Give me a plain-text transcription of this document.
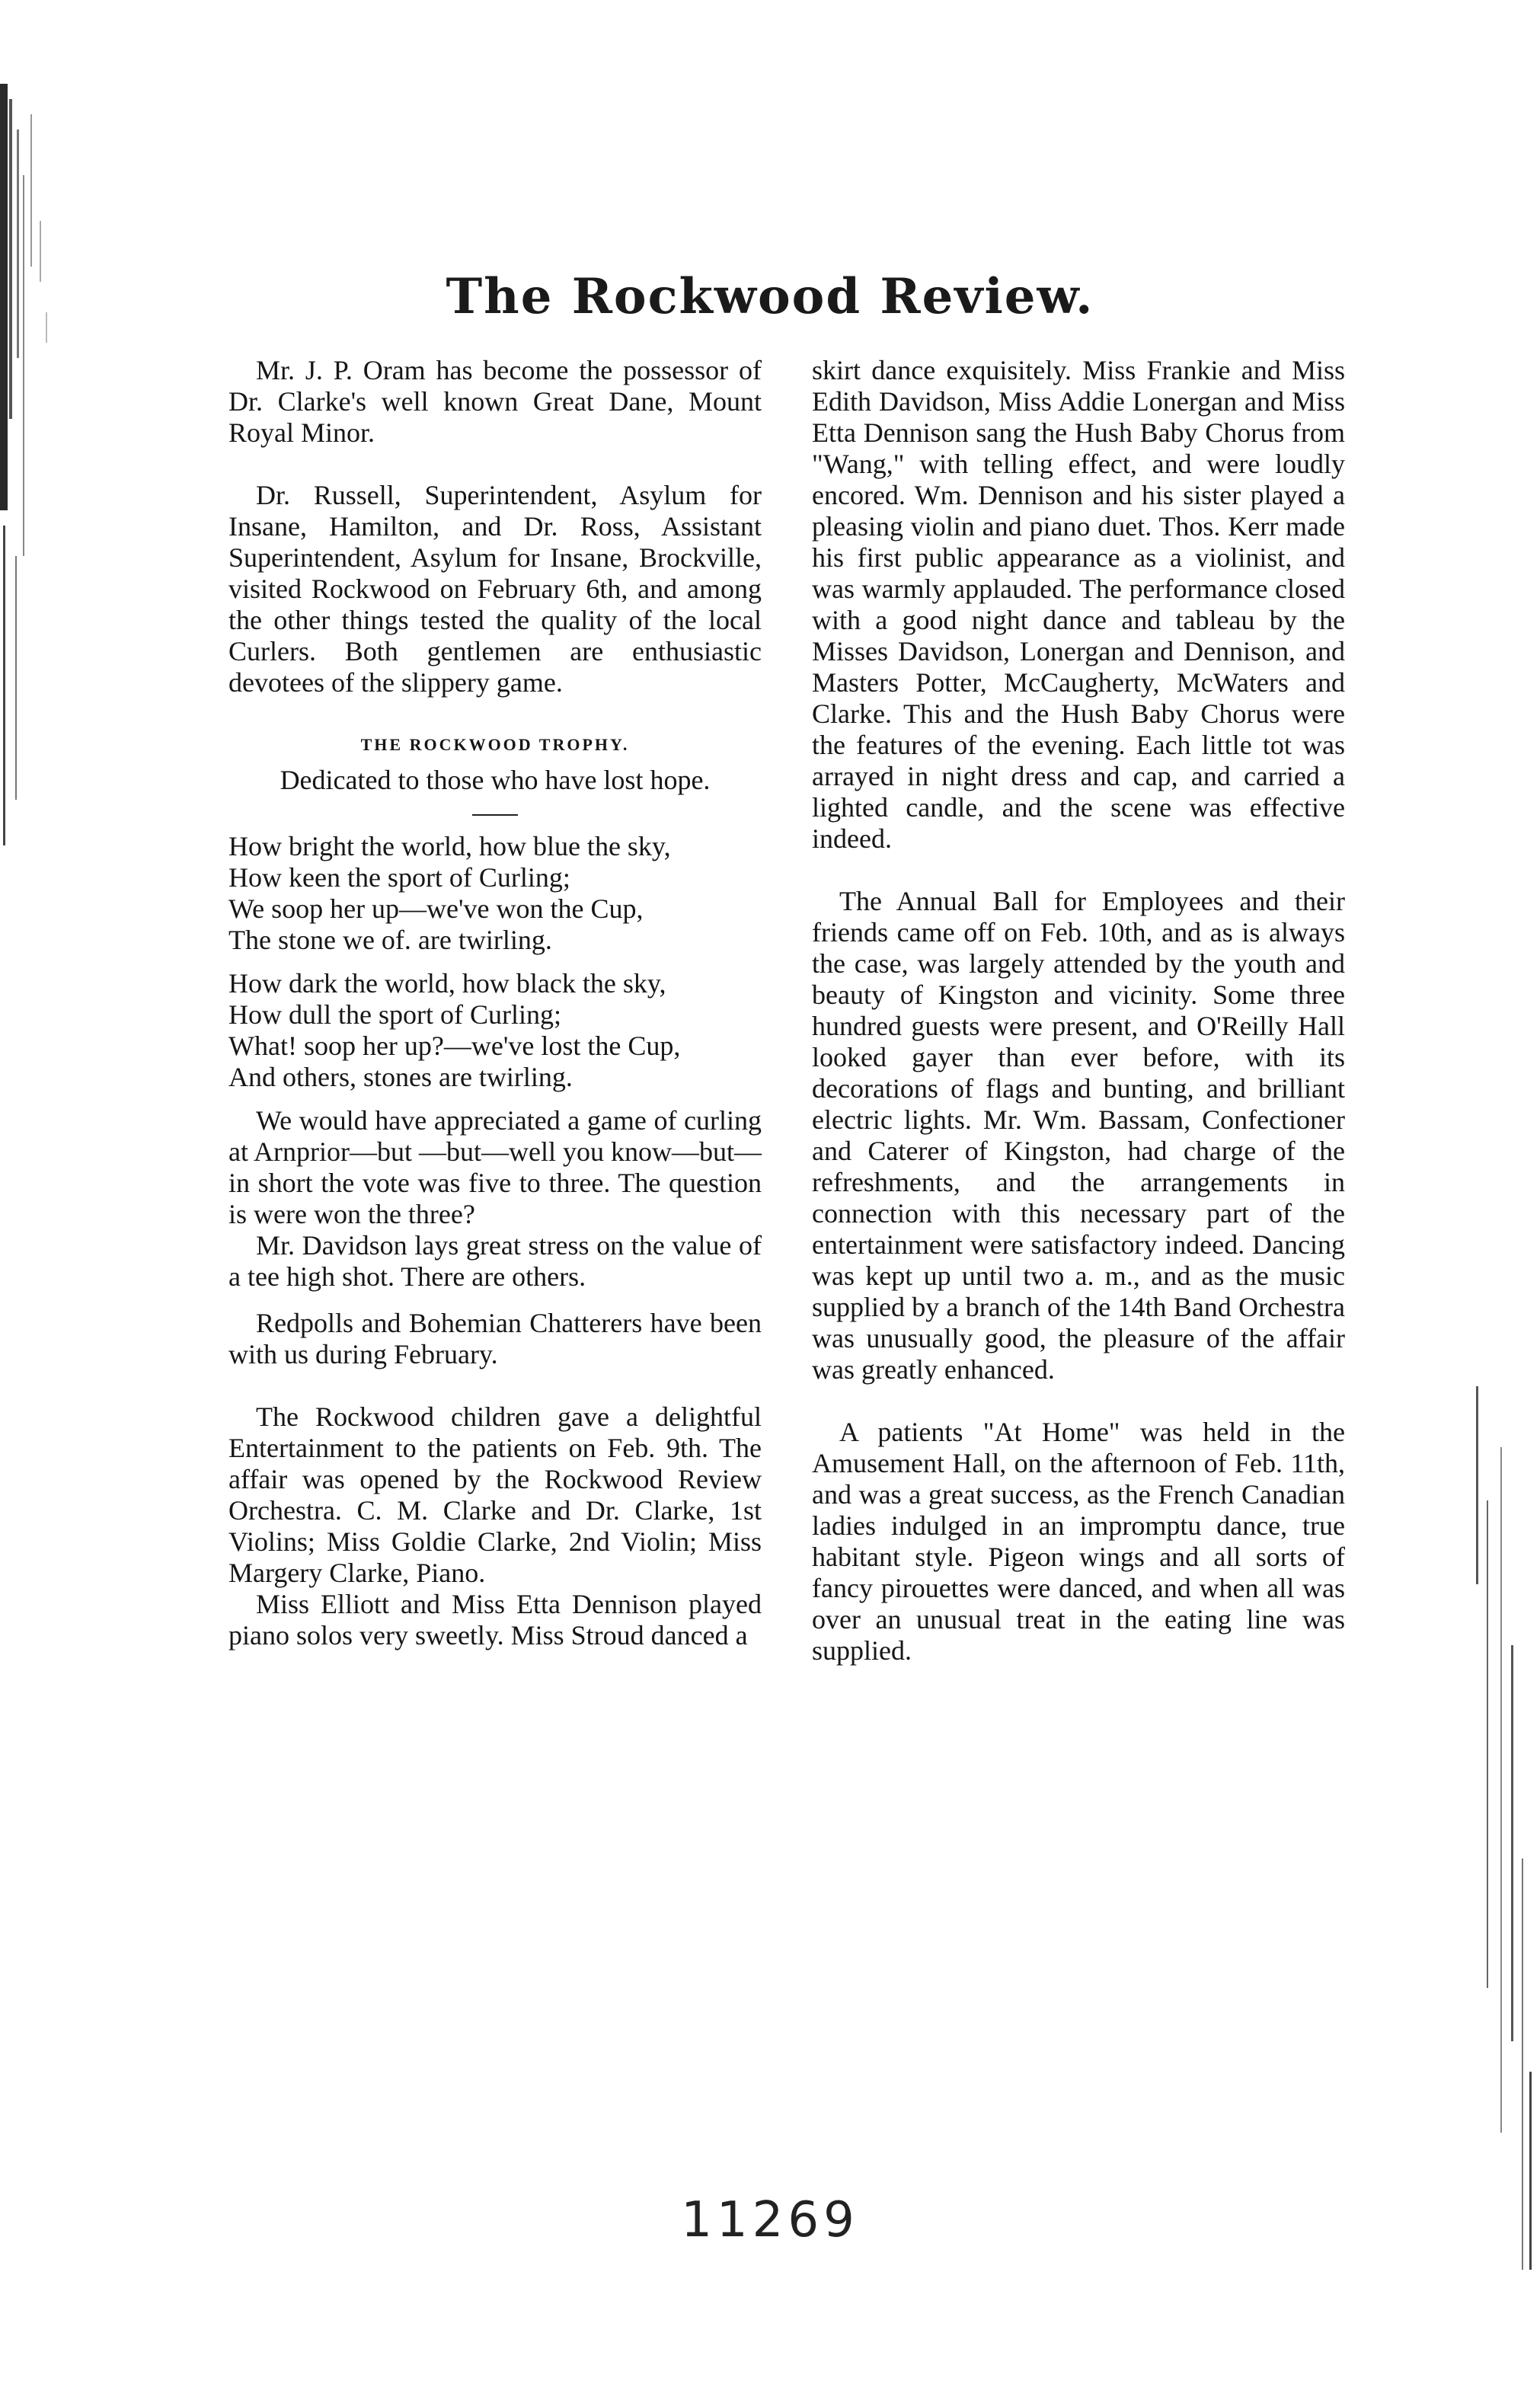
The Rockwood Review.

Mr. J. P. Oram has become the possessor of Dr. Clarke's well known Great Dane, Mount Royal Minor.

Dr. Russell, Superintendent, Asylum for Insane, Hamilton, and Dr. Ross, Assistant Superintendent, Asylum for Insane, Brockville, visited Rockwood on February 6th, and among the other things tested the quality of the local Curlers. Both gentlemen are enthusiastic devotees of the slippery game.

THE ROCKWOOD TROPHY.

Dedicated to those who have lost hope.

How bright the world, how blue the sky,
How keen the sport of Curling;
We soop her up—we've won the Cup,
The stone we of. are twirling.
How dark the world, how black the sky,
How dull the sport of Curling;
What! soop her up?—we've lost the Cup,
And others, stones are twirling.

We would have appreciated a game of curling at Arnprior—but —but—well you know—but—in short the vote was five to three. The question is were won the three?

Mr. Davidson lays great stress on the value of a tee high shot. There are others.

Redpolls and Bohemian Chatterers have been with us during February.

The Rockwood children gave a delightful Entertainment to the patients on Feb. 9th. The affair was opened by the Rockwood Review Orchestra. C. M. Clarke and Dr. Clarke, 1st Violins; Miss Goldie Clarke, 2nd Violin; Miss Margery Clarke, Piano.

Miss Elliott and Miss Etta Dennison played piano solos very sweetly. Miss Stroud danced a

skirt dance exquisitely. Miss Frankie and Miss Edith Davidson, Miss Addie Lonergan and Miss Etta Dennison sang the Hush Baby Chorus from "Wang," with telling effect, and were loudly encored. Wm. Dennison and his sister played a pleasing violin and piano duet. Thos. Kerr made his first public appearance as a violinist, and was warmly applauded. The performance closed with a good night dance and tableau by the Misses Davidson, Lonergan and Dennison, and Masters Potter, McCaugherty, McWaters and Clarke. This and the Hush Baby Chorus were the features of the evening. Each little tot was arrayed in night dress and cap, and carried a lighted candle, and the scene was effective indeed.

The Annual Ball for Employees and their friends came off on Feb. 10th, and as is always the case, was largely attended by the youth and beauty of Kingston and vicinity. Some three hundred guests were present, and O'Reilly Hall looked gayer than ever before, with its decorations of flags and bunting, and brilliant electric lights. Mr. Wm. Bassam, Confectioner and Caterer of Kingston, had charge of the refreshments, and the arrangements in connection with this necessary part of the entertainment were satisfactory indeed. Dancing was kept up until two a. m., and as the music supplied by a branch of the 14th Band Orchestra was unusually good, the pleasure of the affair was greatly enhanced.

A patients "At Home" was held in the Amusement Hall, on the afternoon of Feb. 11th, and was a great success, as the French Canadian ladies indulged in an impromptu dance, true habitant style. Pigeon wings and all sorts of fancy pirouettes were danced, and when all was over an unusual treat in the eating line was supplied.

11269
